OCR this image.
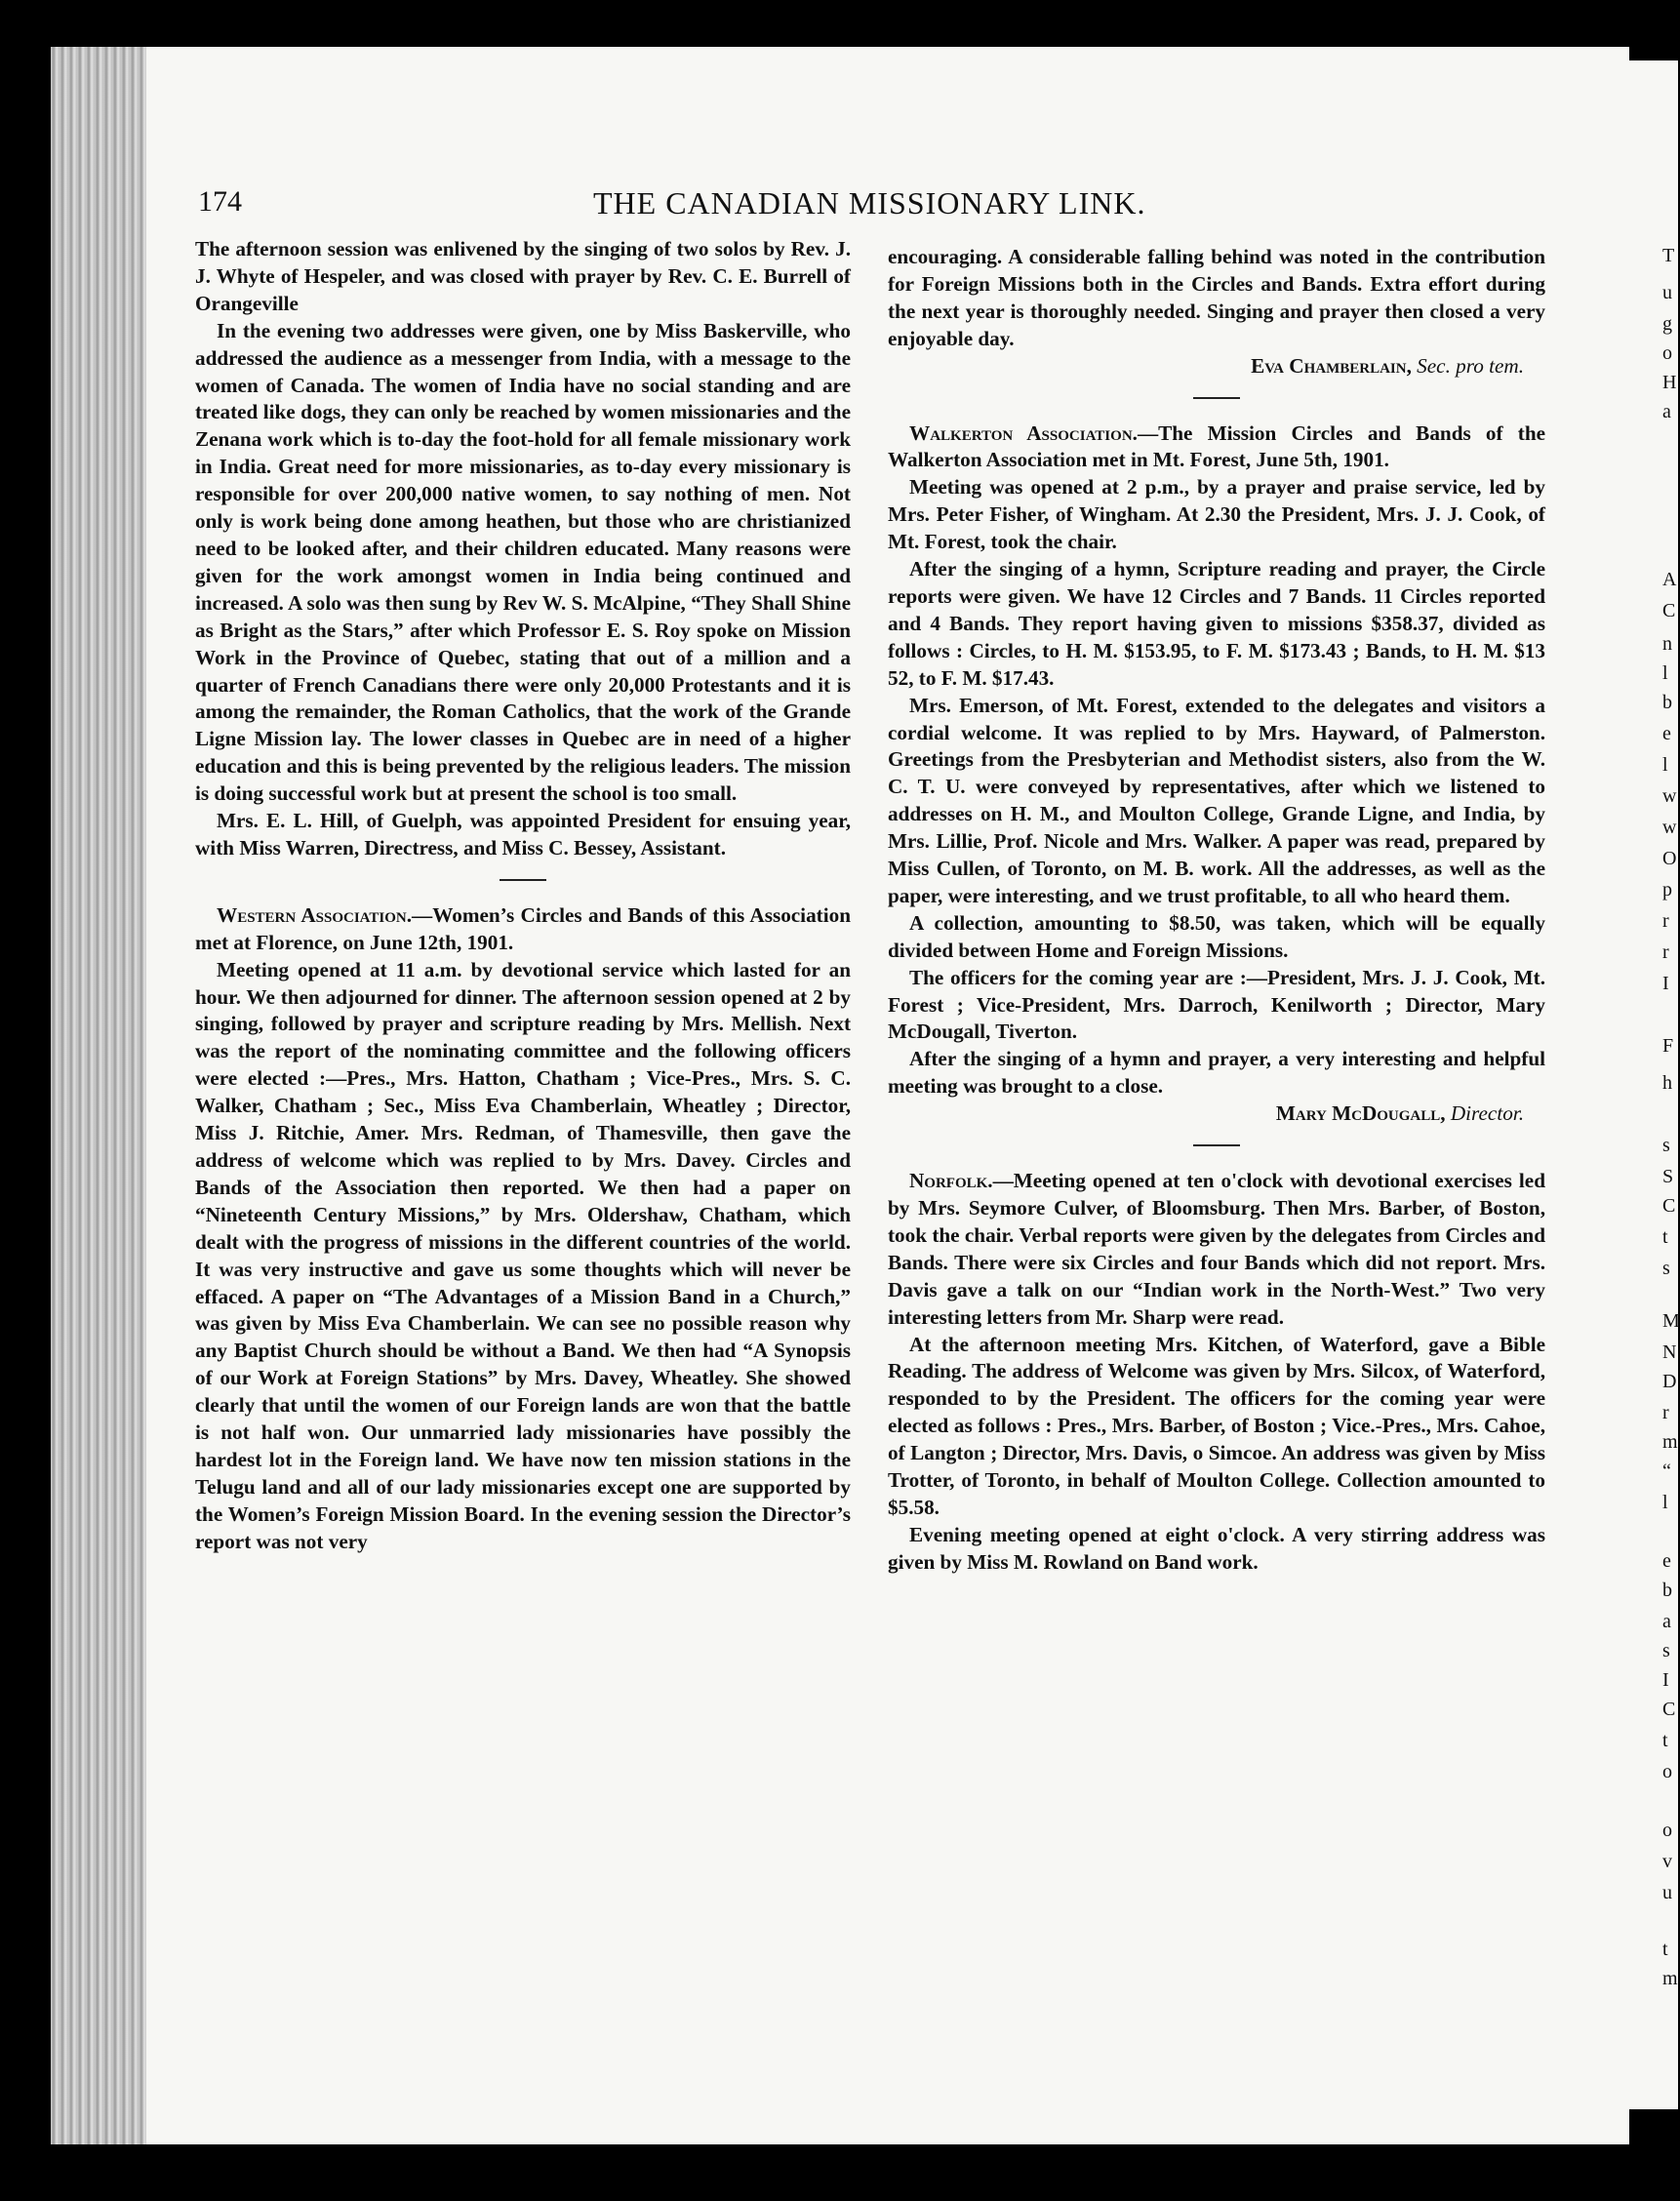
T
u
g
o
H
a
A
C
n
l
b
e
l
w
w
O
p
r
r
I
F
h
s
S
C
t
s
M
N
D
r
m
“
l
e
b
a
s
I
C
t
o
o
v
u
t
m
174	THE CANADIAN MISSIONARY LINK.

The afternoon session was enlivened by the singing of two solos by Rev. J. J. Whyte of Hespeler, and was closed with prayer by Rev. C. E. Burrell of Orangeville

In the evening two addresses were given, one by Miss Baskerville, who addressed the audience as a messenger from India, with a message to the women of Canada. The women of India have no social standing and are treated like dogs, they can only be reached by women missionaries and the Zenana work which is to-day the foot-hold for all female missionary work in India. Great need for more missionaries, as to-day every missionary is responsible for over 200,000 native women, to say nothing of men. Not only is work being done among heathen, but those who are christianized need to be looked after, and their children educated. Many reasons were given for the work amongst women in India being continued and increased. A solo was then sung by Rev W. S. McAlpine, “They Shall Shine as Bright as the Stars,” after which Professor E. S. Roy spoke on Mission Work in the Province of Quebec, stating that out of a million and a quarter of French Canadians there were only 20,000 Protestants and it is among the remainder, the Roman Catholics, that the work of the Grande Ligne Mission lay. The lower classes in Quebec are in need of a higher education and this is being prevented by the religious leaders. The mission is doing successful work but at present the school is too small.

Mrs. E. L. Hill, of Guelph, was appointed President for ensuing year, with Miss Warren, Directress, and Miss C. Bessey, Assistant.

Western Association.—Women’s Circles and Bands of this Association met at Florence, on June 12th, 1901.

Meeting opened at 11 a.m. by devotional service which lasted for an hour. We then adjourned for dinner. The afternoon session opened at 2 by singing, followed by prayer and scripture reading by Mrs. Mellish. Next was the report of the nominating committee and the following officers were elected :—Pres., Mrs. Hatton, Chatham ; Vice-Pres., Mrs. S. C. Walker, Chatham ; Sec., Miss Eva Chamberlain, Wheatley ; Director, Miss J. Ritchie, Amer. Mrs. Redman, of Thamesville, then gave the address of welcome which was replied to by Mrs. Davey. Circles and Bands of the Association then reported. We then had a paper on “Nineteenth Century Missions,” by Mrs. Oldershaw, Chatham, which dealt with the progress of missions in the different countries of the world. It was very instructive and gave us some thoughts which will never be effaced. A paper on “The Advantages of a Mission Band in a Church,” was given by Miss Eva Chamberlain. We can see no possible reason why any Baptist Church should be without a Band. We then had “A Synopsis of our Work at Foreign Stations” by Mrs. Davey, Wheatley. She showed clearly that until the women of our Foreign lands are won that the battle is not half won. Our unmarried lady missionaries have possibly the hardest lot in the Foreign land. We have now ten mission stations in the Telugu land and all of our lady missionaries except one are supported by the Women’s Foreign Mission Board. In the evening session the Director’s report was not very

encouraging. A considerable falling behind was noted in the contribution for Foreign Missions both in the Circles and Bands. Extra effort during the next year is thoroughly needed. Singing and prayer then closed a very enjoyable day.

Eva Chamberlain, Sec. pro tem.

Walkerton Association.—The Mission Circles and Bands of the Walkerton Association met in Mt. Forest, June 5th, 1901.

Meeting was opened at 2 p.m., by a prayer and praise service, led by Mrs. Peter Fisher, of Wingham. At 2.30 the President, Mrs. J. J. Cook, of Mt. Forest, took the chair.

After the singing of a hymn, Scripture reading and prayer, the Circle reports were given. We have 12 Circles and 7 Bands. 11 Circles reported and 4 Bands. They report having given to missions $358.37, divided as follows : Circles, to H. M. $153.95, to F. M. $173.43 ; Bands, to H. M. $13 52, to F. M. $17.43.

Mrs. Emerson, of Mt. Forest, extended to the delegates and visitors a cordial welcome. It was replied to by Mrs. Hayward, of Palmerston. Greetings from the Presbyterian and Methodist sisters, also from the W. C. T. U. were conveyed by representatives, after which we listened to addresses on H. M., and Moulton College, Grande Ligne, and India, by Mrs. Lillie, Prof. Nicole and Mrs. Walker. A paper was read, prepared by Miss Cullen, of Toronto, on M. B. work. All the addresses, as well as the paper, were interesting, and we trust profitable, to all who heard them.

A collection, amounting to $8.50, was taken, which will be equally divided between Home and Foreign Missions.

The officers for the coming year are :—President, Mrs. J. J. Cook, Mt. Forest ; Vice-President, Mrs. Darroch, Kenilworth ; Director, Mary McDougall, Tiverton.

After the singing of a hymn and prayer, a very interesting and helpful meeting was brought to a close.

Mary McDougall, Director.

Norfolk.—Meeting opened at ten o'clock with devotional exercises led by Mrs. Seymore Culver, of Bloomsburg. Then Mrs. Barber, of Boston, took the chair. Verbal reports were given by the delegates from Circles and Bands. There were six Circles and four Bands which did not report. Mrs. Davis gave a talk on our “Indian work in the North-West.” Two very interesting letters from Mr. Sharp were read.

At the afternoon meeting Mrs. Kitchen, of Waterford, gave a Bible Reading. The address of Welcome was given by Mrs. Silcox, of Waterford, responded to by the President. The officers for the coming year were elected as follows : Pres., Mrs. Barber, of Boston ; Vice.-Pres., Mrs. Cahoe, of Langton ; Director, Mrs. Davis, o Simcoe. An address was given by Miss Trotter, of Toronto, in behalf of Moulton College. Collection amounted to $5.58.

Evening meeting opened at eight o'clock. A very stirring address was given by Miss M. Rowland on Band work.
